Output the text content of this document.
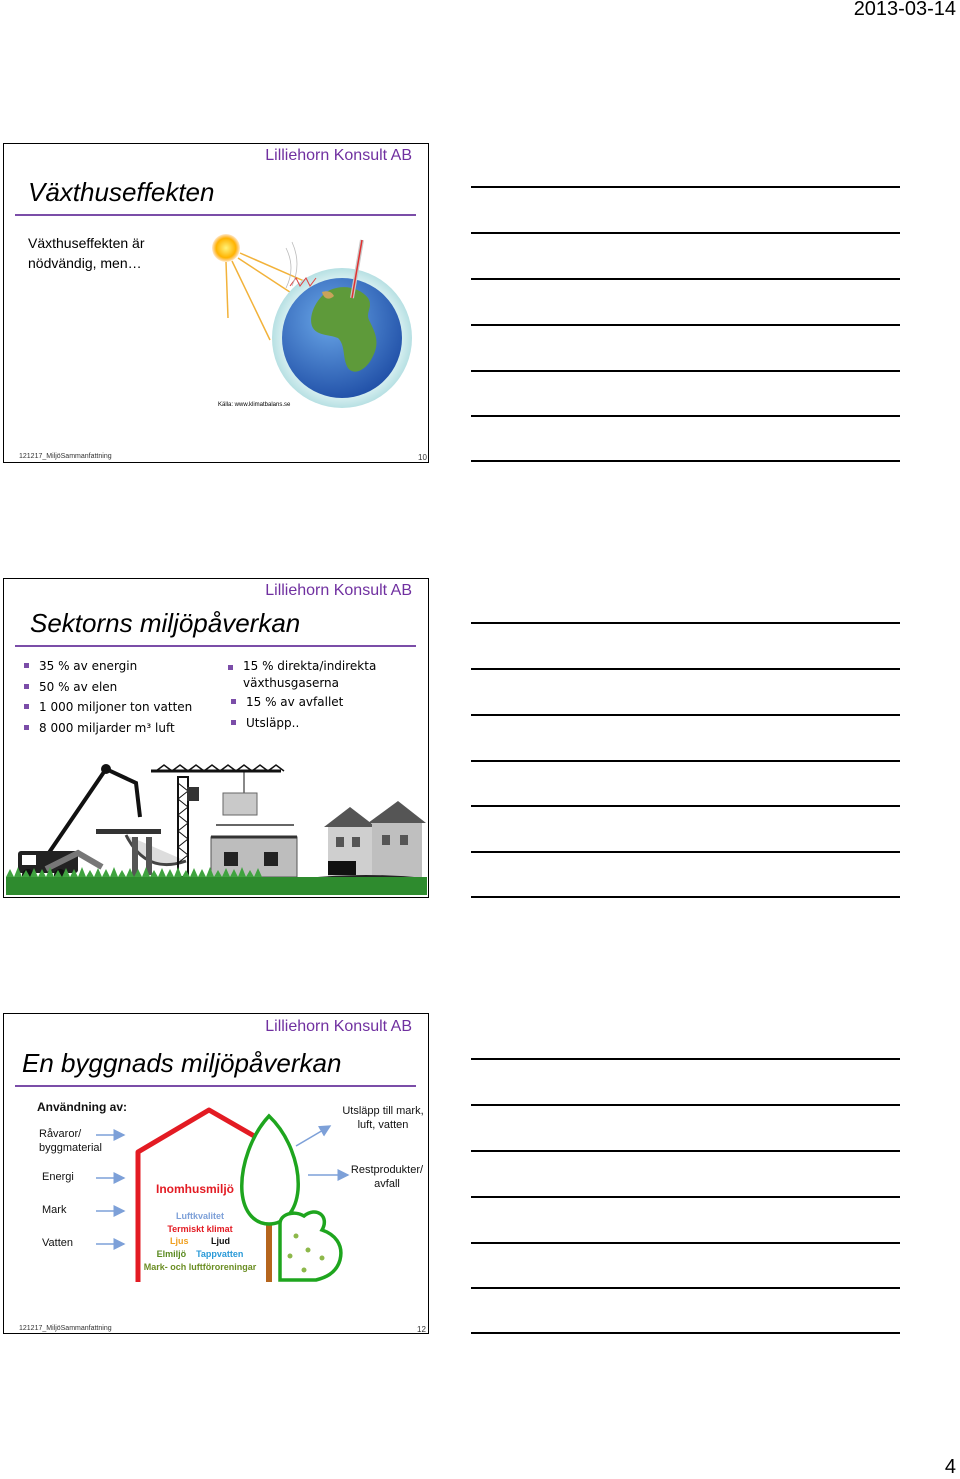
2013-03-14
Lilliehorn Konsult AB
Växthuseffekten
Växthuseffekten är
nödvändig, men…
Källa: www.klimatbalans.se
121217_MiljöSammanfattning	10
Lilliehorn Konsult AB
Sektorns miljöpåverkan
35 % av energin
50 % av elen
1 000 miljoner ton vatten
8 000 miljarder m³ luft
15 % direkta/indirekta
växthusgaserna
15 % av avfallet
Utsläpp..
Lilliehorn Konsult AB
En byggnads miljöpåverkan
Användning av:
Råvaror/
byggmaterial
Energi
Mark
Vatten
Inomhusmiljö
Luftkvalitet
Termiskt klimat
Ljus	Ljud
Elmiljö Tappvatten
Mark- och luftföroreningar
Utsläpp till mark,
luft, vatten
Restprodukter/
avfall
121217_MiljöSammanfattning	12
4
